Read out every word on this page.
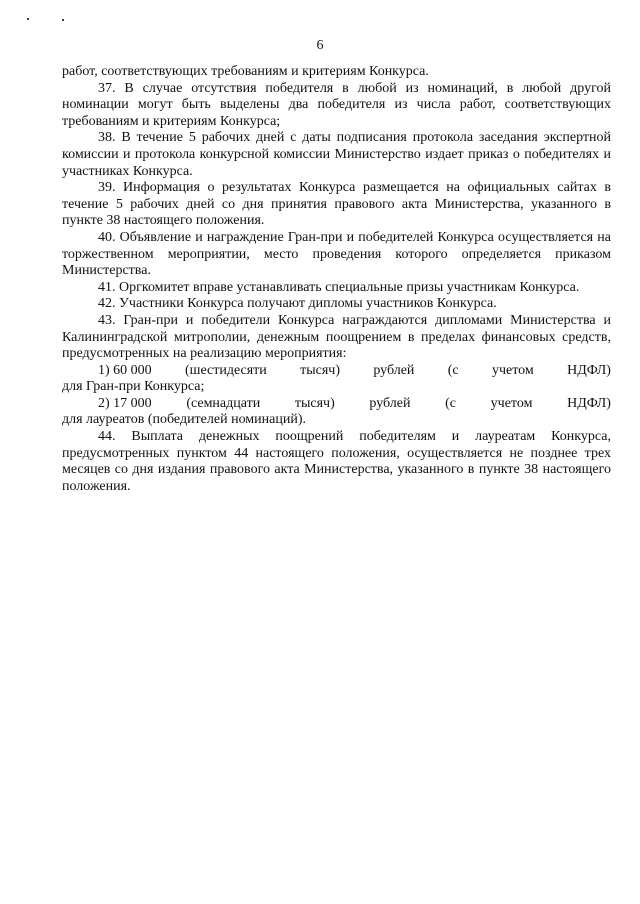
6

работ, соответствующих требованиям и критериям Конкурса.

37. В случае отсутствия победителя в любой из номинаций, в любой другой номинации могут быть выделены два победителя из числа работ, соответствующих требованиям и критериям Конкурса;

38. В течение 5 рабочих дней с даты подписания протокола заседания экспертной комиссии и протокола конкурсной комиссии Министерство издает приказ о победителях и участниках Конкурса.

39. Информация о результатах Конкурса размещается на официальных сайтах в течение 5 рабочих дней со дня принятия правового акта Министерства, указанного в пункте 38 настоящего положения.

40. Объявление и награждение Гран-при и победителей Конкурса осуществляется на торжественном мероприятии, место проведения которого определяется приказом Министерства.

41. Оргкомитет вправе устанавливать специальные призы участникам Конкурса.

42. Участники Конкурса получают дипломы участников Конкурса.

43. Гран-при и победители Конкурса награждаются дипломами Министерства и Калининградской митрополии, денежным поощрением в пределах финансовых средств, предусмотренных на реализацию мероприятия:

1) 60 000 (шестидесяти тысяч) рублей (с учетом НДФЛ)

для Гран-при Конкурса;

2) 17 000 (семнадцати тысяч) рублей (с учетом НДФЛ)

для лауреатов (победителей номинаций).

44. Выплата денежных поощрений победителям и лауреатам Конкурса, предусмотренных пунктом 44 настоящего положения, осуществляется не позднее трех месяцев со дня издания правового акта Министерства, указанного в пункте 38 настоящего положения.
